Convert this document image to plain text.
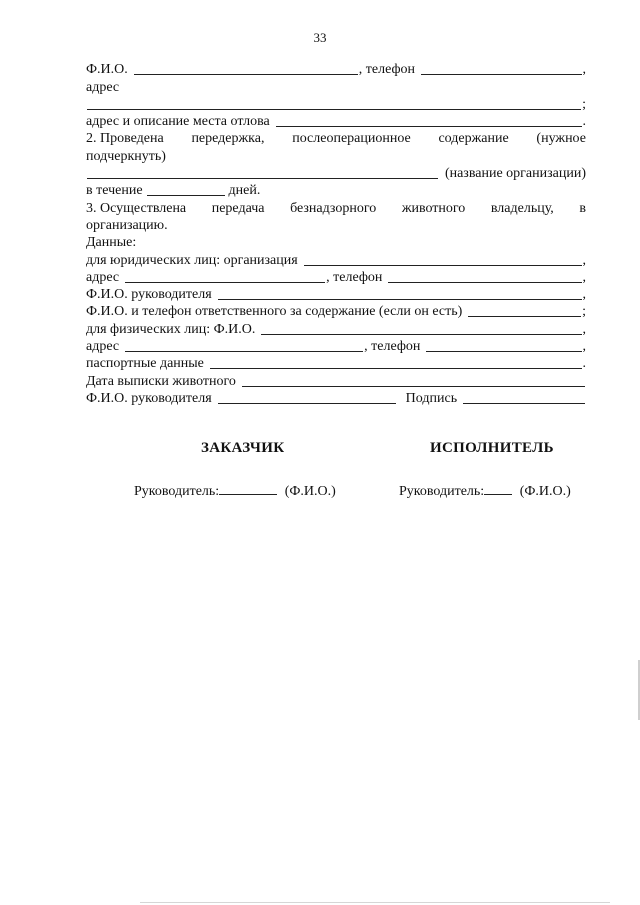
33
Ф.И.О.	, телефон	,
адрес
;
адрес и описание места отлова	.
2. Проведена передержка, послеоперационное содержание (нужное
подчеркнуть)
(название организации)
в течение	дней.
3. Осуществлена передача безнадзорного животного владельцу, в
организацию.
Данные:
для юридических лиц: организация	,
адрес	, телефон	,
Ф.И.О. руководителя	,
Ф.И.О. и телефон ответственного за содержание (если он есть)	;
для физических лиц: Ф.И.О.	,
адрес	, телефон	,
паспортные данные	.
Дата выписки животного
Ф.И.О. руководителя	Подпись
ЗАКАЗЧИК	ИСПОЛНИТЕЛЬ
Руководитель:	(Ф.И.О.)	Руководитель:	(Ф.И.О.)
